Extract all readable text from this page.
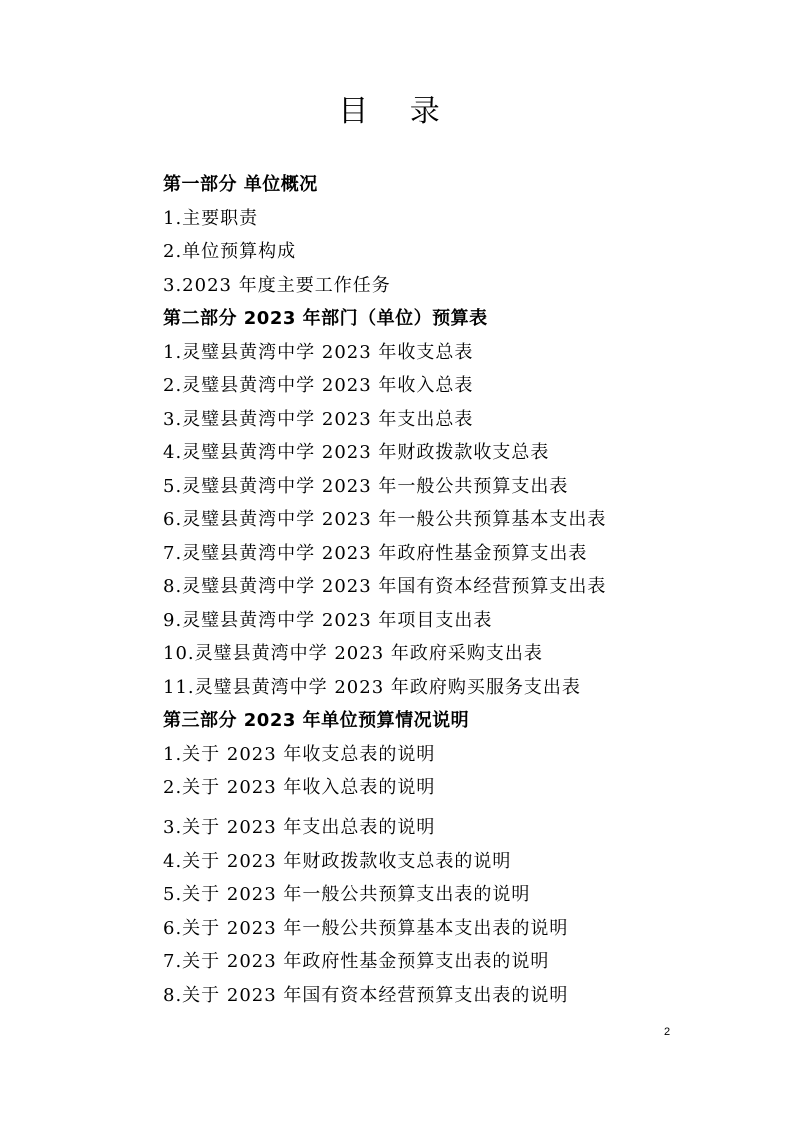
目 录
第一部分 单位概况
1.主要职责
2.单位预算构成
3.2023 年度主要工作任务
第二部分 2023 年部门（单位）预算表
1.灵璧县黄湾中学 2023 年收支总表
2.灵璧县黄湾中学 2023 年收入总表
3.灵璧县黄湾中学 2023 年支出总表
4.灵璧县黄湾中学 2023 年财政拨款收支总表
5.灵璧县黄湾中学 2023 年一般公共预算支出表
6.灵璧县黄湾中学 2023 年一般公共预算基本支出表
7.灵璧县黄湾中学 2023 年政府性基金预算支出表
8.灵璧县黄湾中学 2023 年国有资本经营预算支出表
9.灵璧县黄湾中学 2023 年项目支出表
10.灵璧县黄湾中学 2023 年政府采购支出表
11.灵璧县黄湾中学 2023 年政府购买服务支出表
第三部分 2023 年单位预算情况说明
1.关于 2023 年收支总表的说明
2.关于 2023 年收入总表的说明
3.关于 2023 年支出总表的说明
4.关于 2023 年财政拨款收支总表的说明
5.关于 2023 年一般公共预算支出表的说明
6.关于 2023 年一般公共预算基本支出表的说明
7.关于 2023 年政府性基金预算支出表的说明
8.关于 2023 年国有资本经营预算支出表的说明
2
